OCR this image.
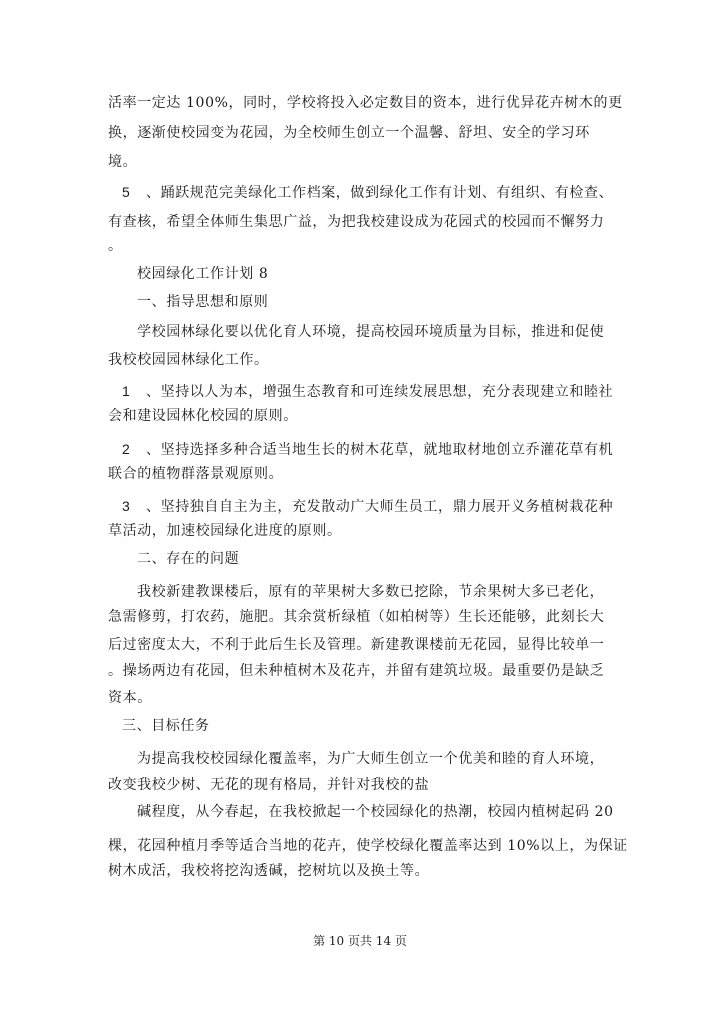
活率一定达 100%，同时，学校将投入必定数目的资本，进行优异花卉树木的更
换，逐渐使校园变为花园，为全校师生创立一个温馨、舒坦、安全的学习环
境。
5 、踊跃规范完美绿化工作档案，做到绿化工作有计划、有组织、有检查、
有查核，希望全体师生集思广益，为把我校建设成为花园式的校园而不懈努力
。
校园绿化工作计划 8
一、指导思想和原则
学校园林绿化要以优化育人环境，提高校园环境质量为目标，推进和促使
我校校园园林绿化工作。
1 、坚持以人为本，增强生态教育和可连续发展思想，充分表现建立和睦社
会和建设园林化校园的原则。
2 、坚持选择多种合适当地生长的树木花草，就地取材地创立乔灌花草有机
联合的植物群落景观原则。
3 、坚持独自自主为主，充发散动广大师生员工，鼎力展开义务植树栽花种
草活动，加速校园绿化进度的原则。
二、存在的问题
我校新建教课楼后，原有的苹果树大多数已挖除，节余果树大多已老化，
急需修剪，打农药，施肥。其余赏析绿植（如柏树等）生长还能够，此刻长大
后过密度太大，不利于此后生长及管理。新建教课楼前无花园，显得比较单一
。操场两边有花园，但未种植树木及花卉，并留有建筑垃圾。最重要仍是缺乏
资本。
三、目标任务
为提高我校校园绿化覆盖率，为广大师生创立一个优美和睦的育人环境，
改变我校少树、无花的现有格局，并针对我校的盐
碱程度，从今春起，在我校掀起一个校园绿化的热潮，校园内植树起码 20
棵，花园种植月季等适合当地的花卉，使学校绿化覆盖率达到 10%以上，为保证
树木成活，我校将挖沟透碱，挖树坑以及换土等。
第 10 页共 14 页
